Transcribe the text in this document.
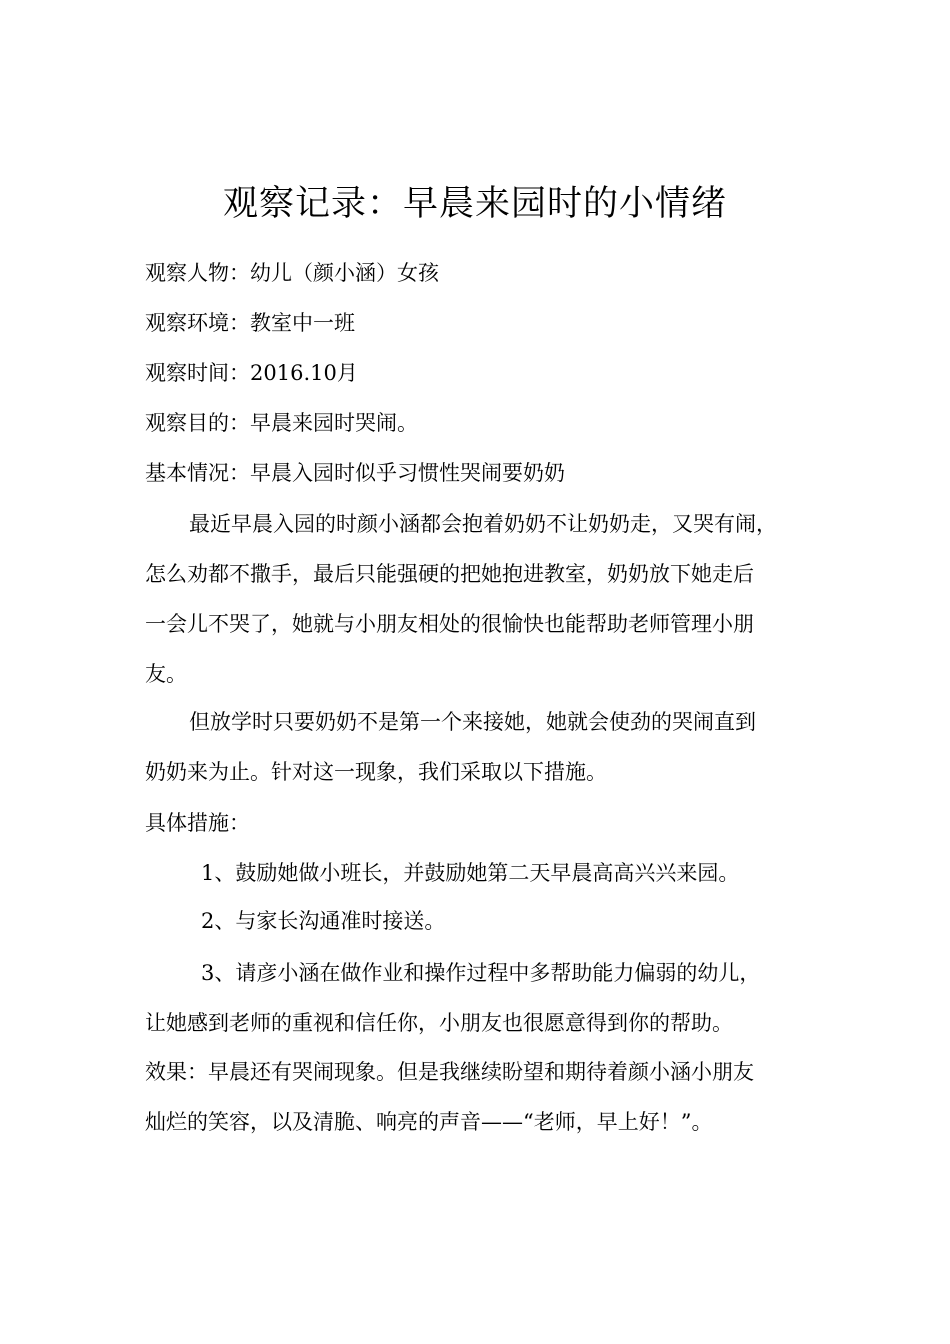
观察记录：早晨来园时的小情绪
观察人物：幼儿（颜小涵）女孩
观察环境：教室中一班
观察时间：2016.10月
观察目的：早晨来园时哭闹。
基本情况：早晨入园时似乎习惯性哭闹要奶奶
最近早晨入园的时颜小涵都会抱着奶奶不让奶奶走，又哭有闹，
怎么劝都不撒手，最后只能强硬的把她抱进教室，奶奶放下她走后
一会儿不哭了，她就与小朋友相处的很愉快也能帮助老师管理小朋
友。
但放学时只要奶奶不是第一个来接她，她就会使劲的哭闹直到
奶奶来为止。针对这一现象，我们采取以下措施。
具体措施：
1、鼓励她做小班长，并鼓励她第二天早晨高高兴兴来园。
2、与家长沟通准时接送。
3、请彦小涵在做作业和操作过程中多帮助能力偏弱的幼儿，
让她感到老师的重视和信任你，小朋友也很愿意得到你的帮助。
效果：早晨还有哭闹现象。但是我继续盼望和期待着颜小涵小朋友
灿烂的笑容，以及清脆、响亮的声音——“老师，早上好！”。
